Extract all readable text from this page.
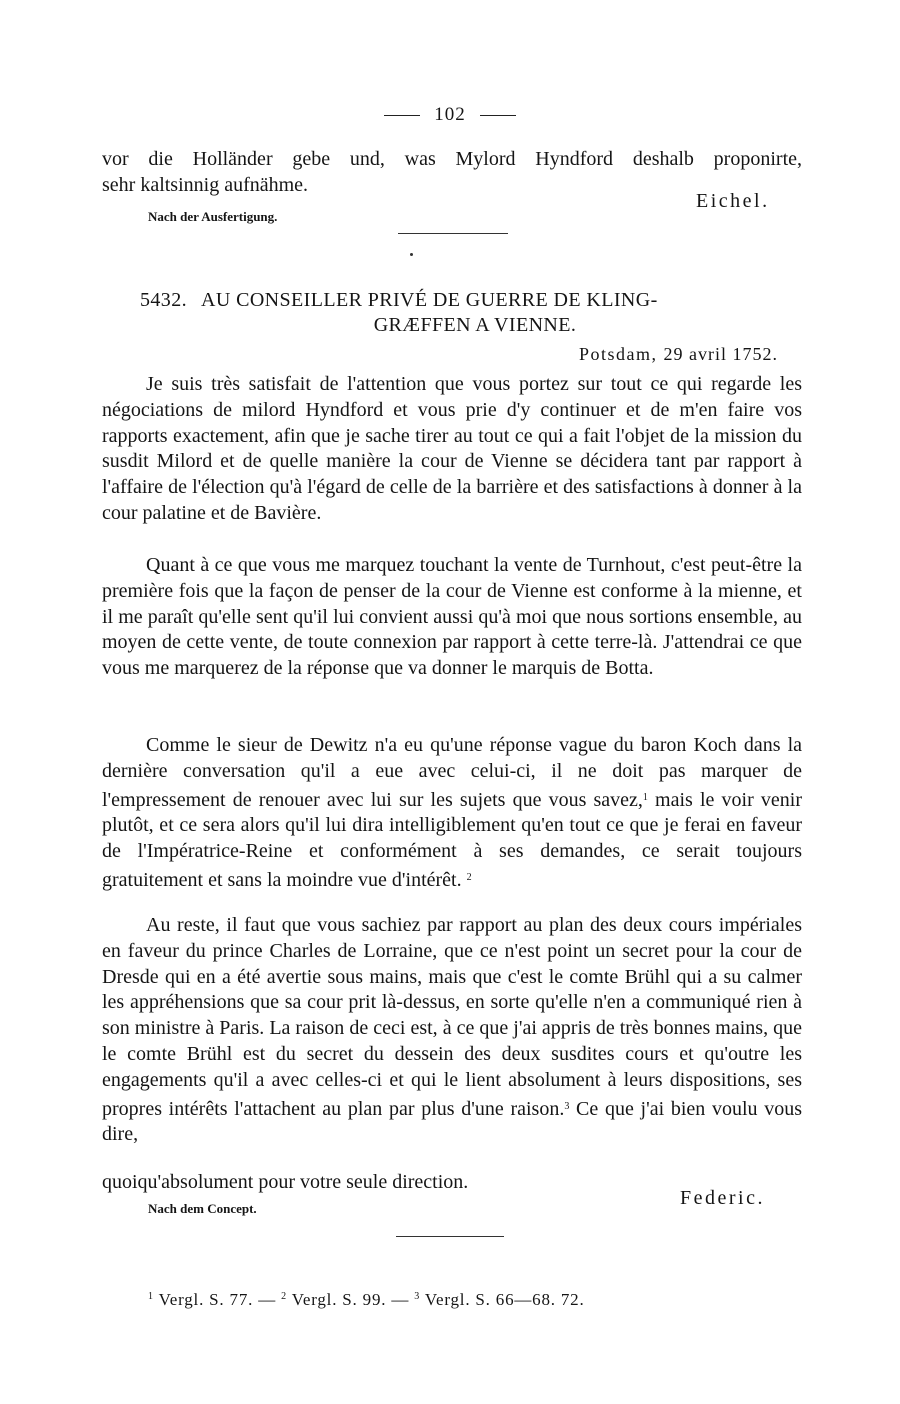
102
vor die Holländer gebe und, was Mylord Hyndford deshalb proponirte,
sehr kaltsinnig aufnähme.
Eichel.
Nach der Ausfertigung.
5432. AU CONSEILLER PRIVÉ DE GUERRE DE KLING-
GRÆFFEN A VIENNE.
Potsdam, 29 avril 1752.
Je suis très satisfait de l'attention que vous portez sur tout ce qui regarde les négociations de milord Hyndford et vous prie d'y continuer et de m'en faire vos rapports exactement, afin que je sache tirer au tout ce qui a fait l'objet de la mission du susdit Milord et de quelle manière la cour de Vienne se décidera tant par rapport à l'affaire de l'élection qu'à l'égard de celle de la barrière et des satisfactions à donner à la cour palatine et de Bavière.
Quant à ce que vous me marquez touchant la vente de Turnhout, c'est peut-être la première fois que la façon de penser de la cour de Vienne est conforme à la mienne, et il me paraît qu'elle sent qu'il lui convient aussi qu'à moi que nous sortions ensemble, au moyen de cette vente, de toute connexion par rapport à cette terre-là. J'attendrai ce que vous me marquerez de la réponse que va donner le marquis de Botta.
Comme le sieur de Dewitz n'a eu qu'une réponse vague du baron Koch dans la dernière conversation qu'il a eue avec celui-ci, il ne doit pas marquer de l'empressement de renouer avec lui sur les sujets que vous savez,$^1$ mais le voir venir plutôt, et ce sera alors qu'il lui dira intelligiblement qu'en tout ce que je ferai en faveur de l'Impératrice-Reine et conformément à ses demandes, ce serait toujours gratuitement et sans la moindre vue d'intérêt. $^2$
Au reste, il faut que vous sachiez par rapport au plan des deux cours impériales en faveur du prince Charles de Lorraine, que ce n'est point un secret pour la cour de Dresde qui en a été avertie sous mains, mais que c'est le comte Brühl qui a su calmer les appréhensions que sa cour prit là-dessus, en sorte qu'elle n'en a communiqué rien à son ministre à Paris. La raison de ceci est, à ce que j'ai appris de très bonnes mains, que le comte Brühl est du secret du dessein des deux susdites cours et qu'outre les engagements qu'il a avec celles-ci et qui le lient absolument à leurs dispositions, ses propres intérêts l'attachent au plan par plus d'une raison.$^3$ Ce que j'ai bien voulu vous dire,
quoiqu'absolument pour votre seule direction.
Federic.
Nach dem Concept.
$^1$ Vergl. S. 77. — $^2$ Vergl. S. 99. — $^3$ Vergl. S. 66—68. 72.
